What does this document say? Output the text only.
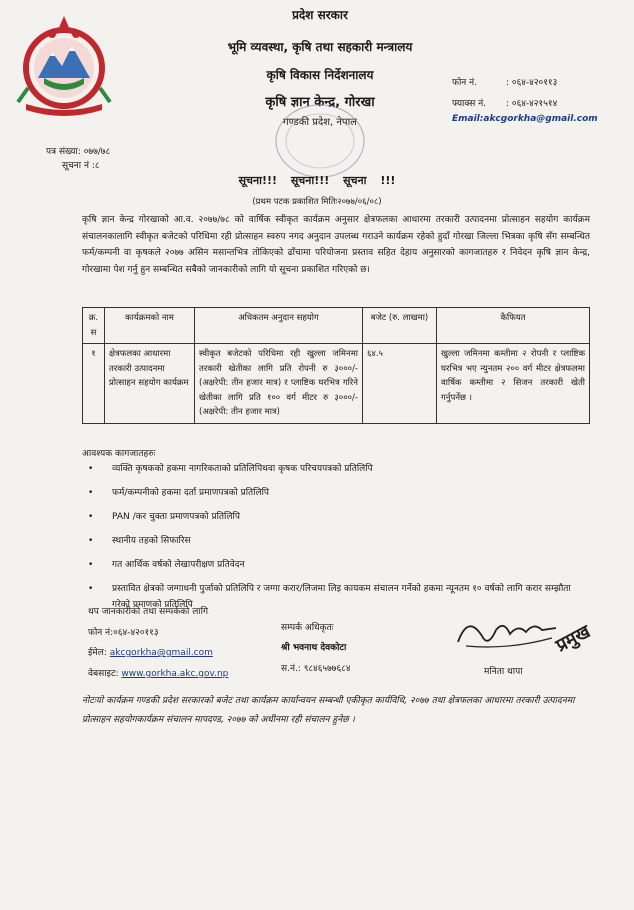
प्रदेश सरकार
भूमि व्यवस्था, कृषि तथा सहकारी मन्त्रालय
कृषि विकास निर्देशनालय
कृषि ज्ञान केन्द्र, गोरखा
गण्डकी प्रदेश, नेपाल
फोन नं.	: ०६४-४२०११३
फ्याक्स नं. : ०६४-४२१५१४
Email:akcgorkha@gmail.com
पत्र संख्या: ०७७/७८
सूचना नं :८
सूचना!!! सूचना!!! सूचना !!!
(प्रथम पटक प्रकाशित मितिः२०७७/०६/०८)
कृषि ज्ञान केन्द्र गोरखाको आ.व. २०७७/७८ को वार्षिक स्वीकृत कार्यक्रम अनुसार क्षेत्रफलका आधारमा तरकारी उत्पादनमा प्रोत्साहन सहयोग कार्यक्रम संचालनकालागि स्वीकृत बजेटको परिधिमा रही प्रोत्साहन स्वरुप नगद अनुदान उपलब्ध गराउने कार्यक्रम रहेको हुदाँ गोरखा जिल्ला भित्रका कृषि सँग सम्बन्धित फर्म/कम्पनी वा कृषकले २०७७ असिन मसान्तभित्र तोकिएको ढाँचामा परियोजना प्रस्ताव सहित देहाय अनुसारको कागजातहरु र निवेदन कृषि ज्ञान केन्द्र, गोरखामा पेश गर्नु हुन सम्बन्धित सबैको जानकारीको लागि यो सूचना प्रकाशित गरिएको छ।
क्र. स	कार्यक्रमको नाम	अधिकतम अनुदान सहयोग	बजेट (रु. लाखमा)	कैफियत
१	क्षेत्रफलका आधारमा तरकारी उत्पादनमा प्रोत्साहन सहयोग कार्यक्रम	स्वीकृत बजेटको परिधिमा रही खुल्ला जमिनमा तरकारी खेतीका लागि प्रति रोपनी रु ३०००/-(अक्षरेपी: तीन हजार मात्र) र प्लाष्टिक घरभित्र गरिने खेतीका लागि प्रति १०० वर्ग मीटर रु ३०००/-(अक्षरेपी: तीन हजार मात्र)	६४.५	खुल्ला जमिनमा कम्तीमा २ रोपनी र प्लाष्टिक घरभित्र भए न्युनतम २०० वर्ग मीटर क्षेत्रफलमा वार्षिक कम्तीमा २ सिजन तरकारी खेती गर्नुपर्नेछ ।
आवश्यक कागजातहरुः
• व्यक्ति कृषकको हकमा नागरिकताको प्रतिलिपिथवा कृषक परिचयपत्रको प्रतिलिपि
• फर्म/कम्पनीको हकमा दर्ता प्रमाणपत्रको प्रतिलिपि
• PAN /कर चुक्ता प्रमाणपत्रको प्रतिलिपि
• स्थानीय तहको सिफारिस
• गत आर्थिक वर्षको लेखापरीक्षण प्रतिवेदन
• प्रस्तावित क्षेत्रको जग्गाधनी पुर्जाको प्रतिलिपि र जग्गा करार/लिजमा लिइ कायकम संचालन गर्नेको हकमा न्यूनतम १० वर्षको लागि करार सम्झौता गरेको प्रमाणको प्रतिलिपि
थप जानकारीको तथा सम्पर्कको लागि
फोन नं:०६४-४२०११३
ईमेल: akcgorkha@gmail.com
वेबसाइट: www.gorkha.akc.gov.np
सम्पर्क अधिकृतः
श्री भवनाथ देवकोटा
स.नं.: ९८४६५७७६८४
प्रमुख
मनिता थापा
नोटःयो कार्यक्रम गण्डकी प्रदेश सरकारको बजेट तथा कार्यक्रम कार्यान्वयन सम्बन्धी एकीकृत कार्यविधि, २०७७ तथा क्षेत्रफलका आधारमा तरकारी उत्पादनमा प्रोत्साहन सहयोगकार्यक्रम संचालन मापदण्ड, २०७७ को अधीनमा रही संचालन हुनेछ ।
